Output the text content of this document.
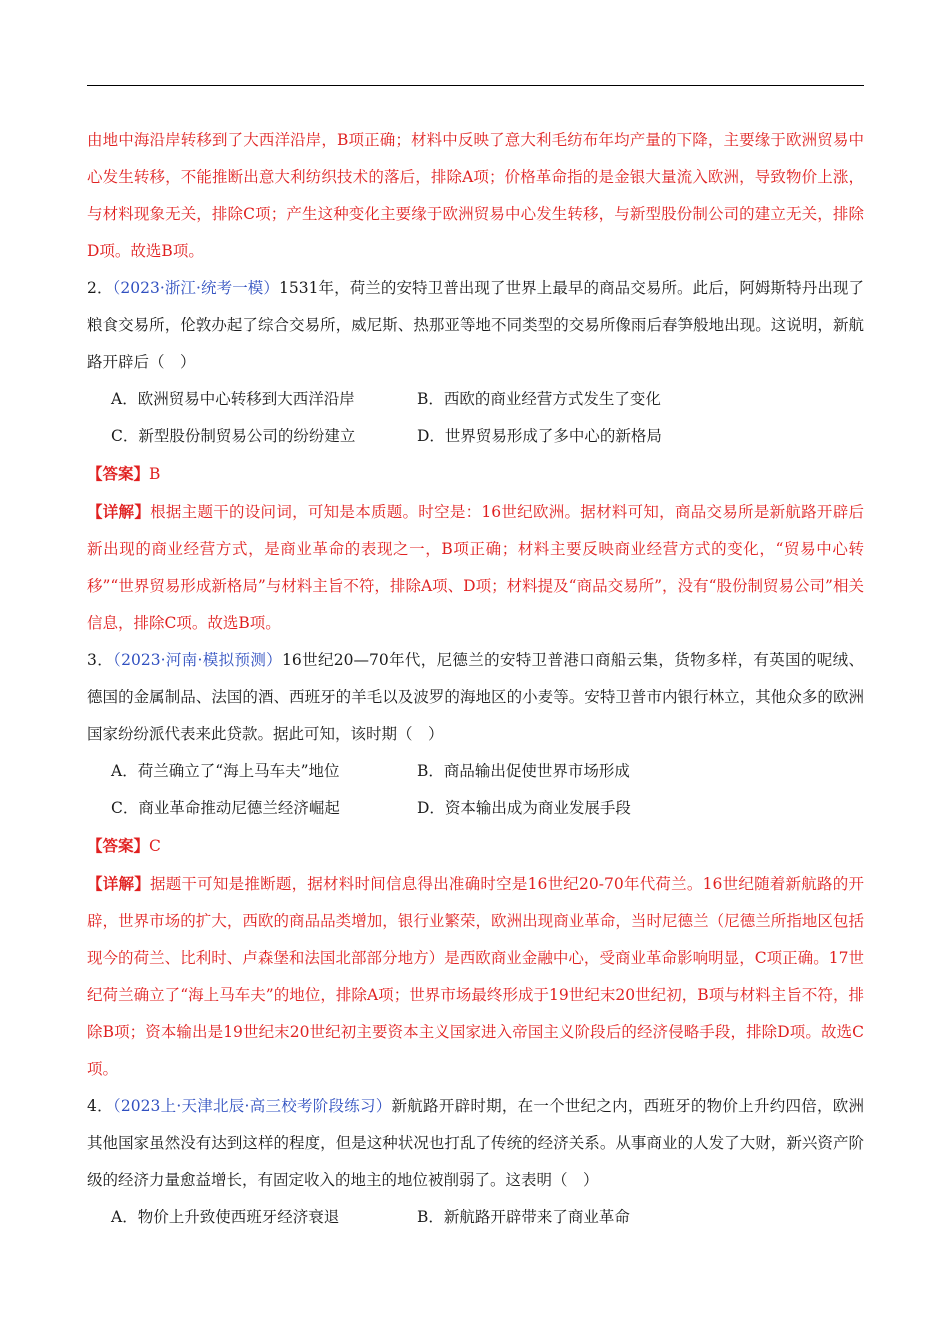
由地中海沿岸转移到了大西洋沿岸，B项正确；材料中反映了意大利毛纺布年均产量的下降，主要缘于欧洲贸易中心发生转移，不能推断出意大利纺织技术的落后，排除A项；价格革命指的是金银大量流入欧洲，导致物价上涨，与材料现象无关，排除C项；产生这种变化主要缘于欧洲贸易中心发生转移，与新型股份制公司的建立无关，排除D项。故选B项。

2．（2023·浙江·统考一模）1531年，荷兰的安特卫普出现了世界上最早的商品交易所。此后，阿姆斯特丹出现了粮食交易所，伦敦办起了综合交易所，威尼斯、热那亚等地不同类型的交易所像雨后春笋般地出现。这说明，新航路开辟后（　）

A．欧洲贸易中心转移到大西洋沿岸	B．西欧的商业经营方式发生了变化
C．新型股份制贸易公司的纷纷建立	D．世界贸易形成了多中心的新格局

【答案】B

【详解】根据主题干的设问词，可知是本质题。时空是：16世纪欧洲。据材料可知，商品交易所是新航路开辟后新出现的商业经营方式，是商业革命的表现之一，B项正确；材料主要反映商业经营方式的变化，“贸易中心转移”“世界贸易形成新格局”与材料主旨不符，排除A项、D项；材料提及“商品交易所”，没有“股份制贸易公司”相关信息，排除C项。故选B项。

3．（2023·河南·模拟预测）16世纪20—70年代，尼德兰的安特卫普港口商船云集，货物多样，有英国的呢绒、德国的金属制品、法国的酒、西班牙的羊毛以及波罗的海地区的小麦等。安特卫普市内银行林立，其他众多的欧洲国家纷纷派代表来此贷款。据此可知，该时期（　）

A．荷兰确立了“海上马车夫”地位	B．商品输出促使世界市场形成
C．商业革命推动尼德兰经济崛起	D．资本输出成为商业发展手段

【答案】C

【详解】据题干可知是推断题，据材料时间信息得出准确时空是16世纪20-70年代荷兰。16世纪随着新航路的开辟，世界市场的扩大，西欧的商品品类增加，银行业繁荣，欧洲出现商业革命，当时尼德兰（尼德兰所指地区包括现今的荷兰、比利时、卢森堡和法国北部部分地方）是西欧商业金融中心，受商业革命影响明显，C项正确。17世纪荷兰确立了“海上马车夫”的地位，排除A项；世界市场最终形成于19世纪末20世纪初，B项与材料主旨不符，排除B项；资本输出是19世纪末20世纪初主要资本主义国家进入帝国主义阶段后的经济侵略手段，排除D项。故选C项。

4．（2023上·天津北辰·高三校考阶段练习）新航路开辟时期，在一个世纪之内，西班牙的物价上升约四倍，欧洲其他国家虽然没有达到这样的程度，但是这种状况也打乱了传统的经济关系。从事商业的人发了大财，新兴资产阶级的经济力量愈益增长，有固定收入的地主的地位被削弱了。这表明（　）

A．物价上升致使西班牙经济衰退	B．新航路开辟带来了商业革命
